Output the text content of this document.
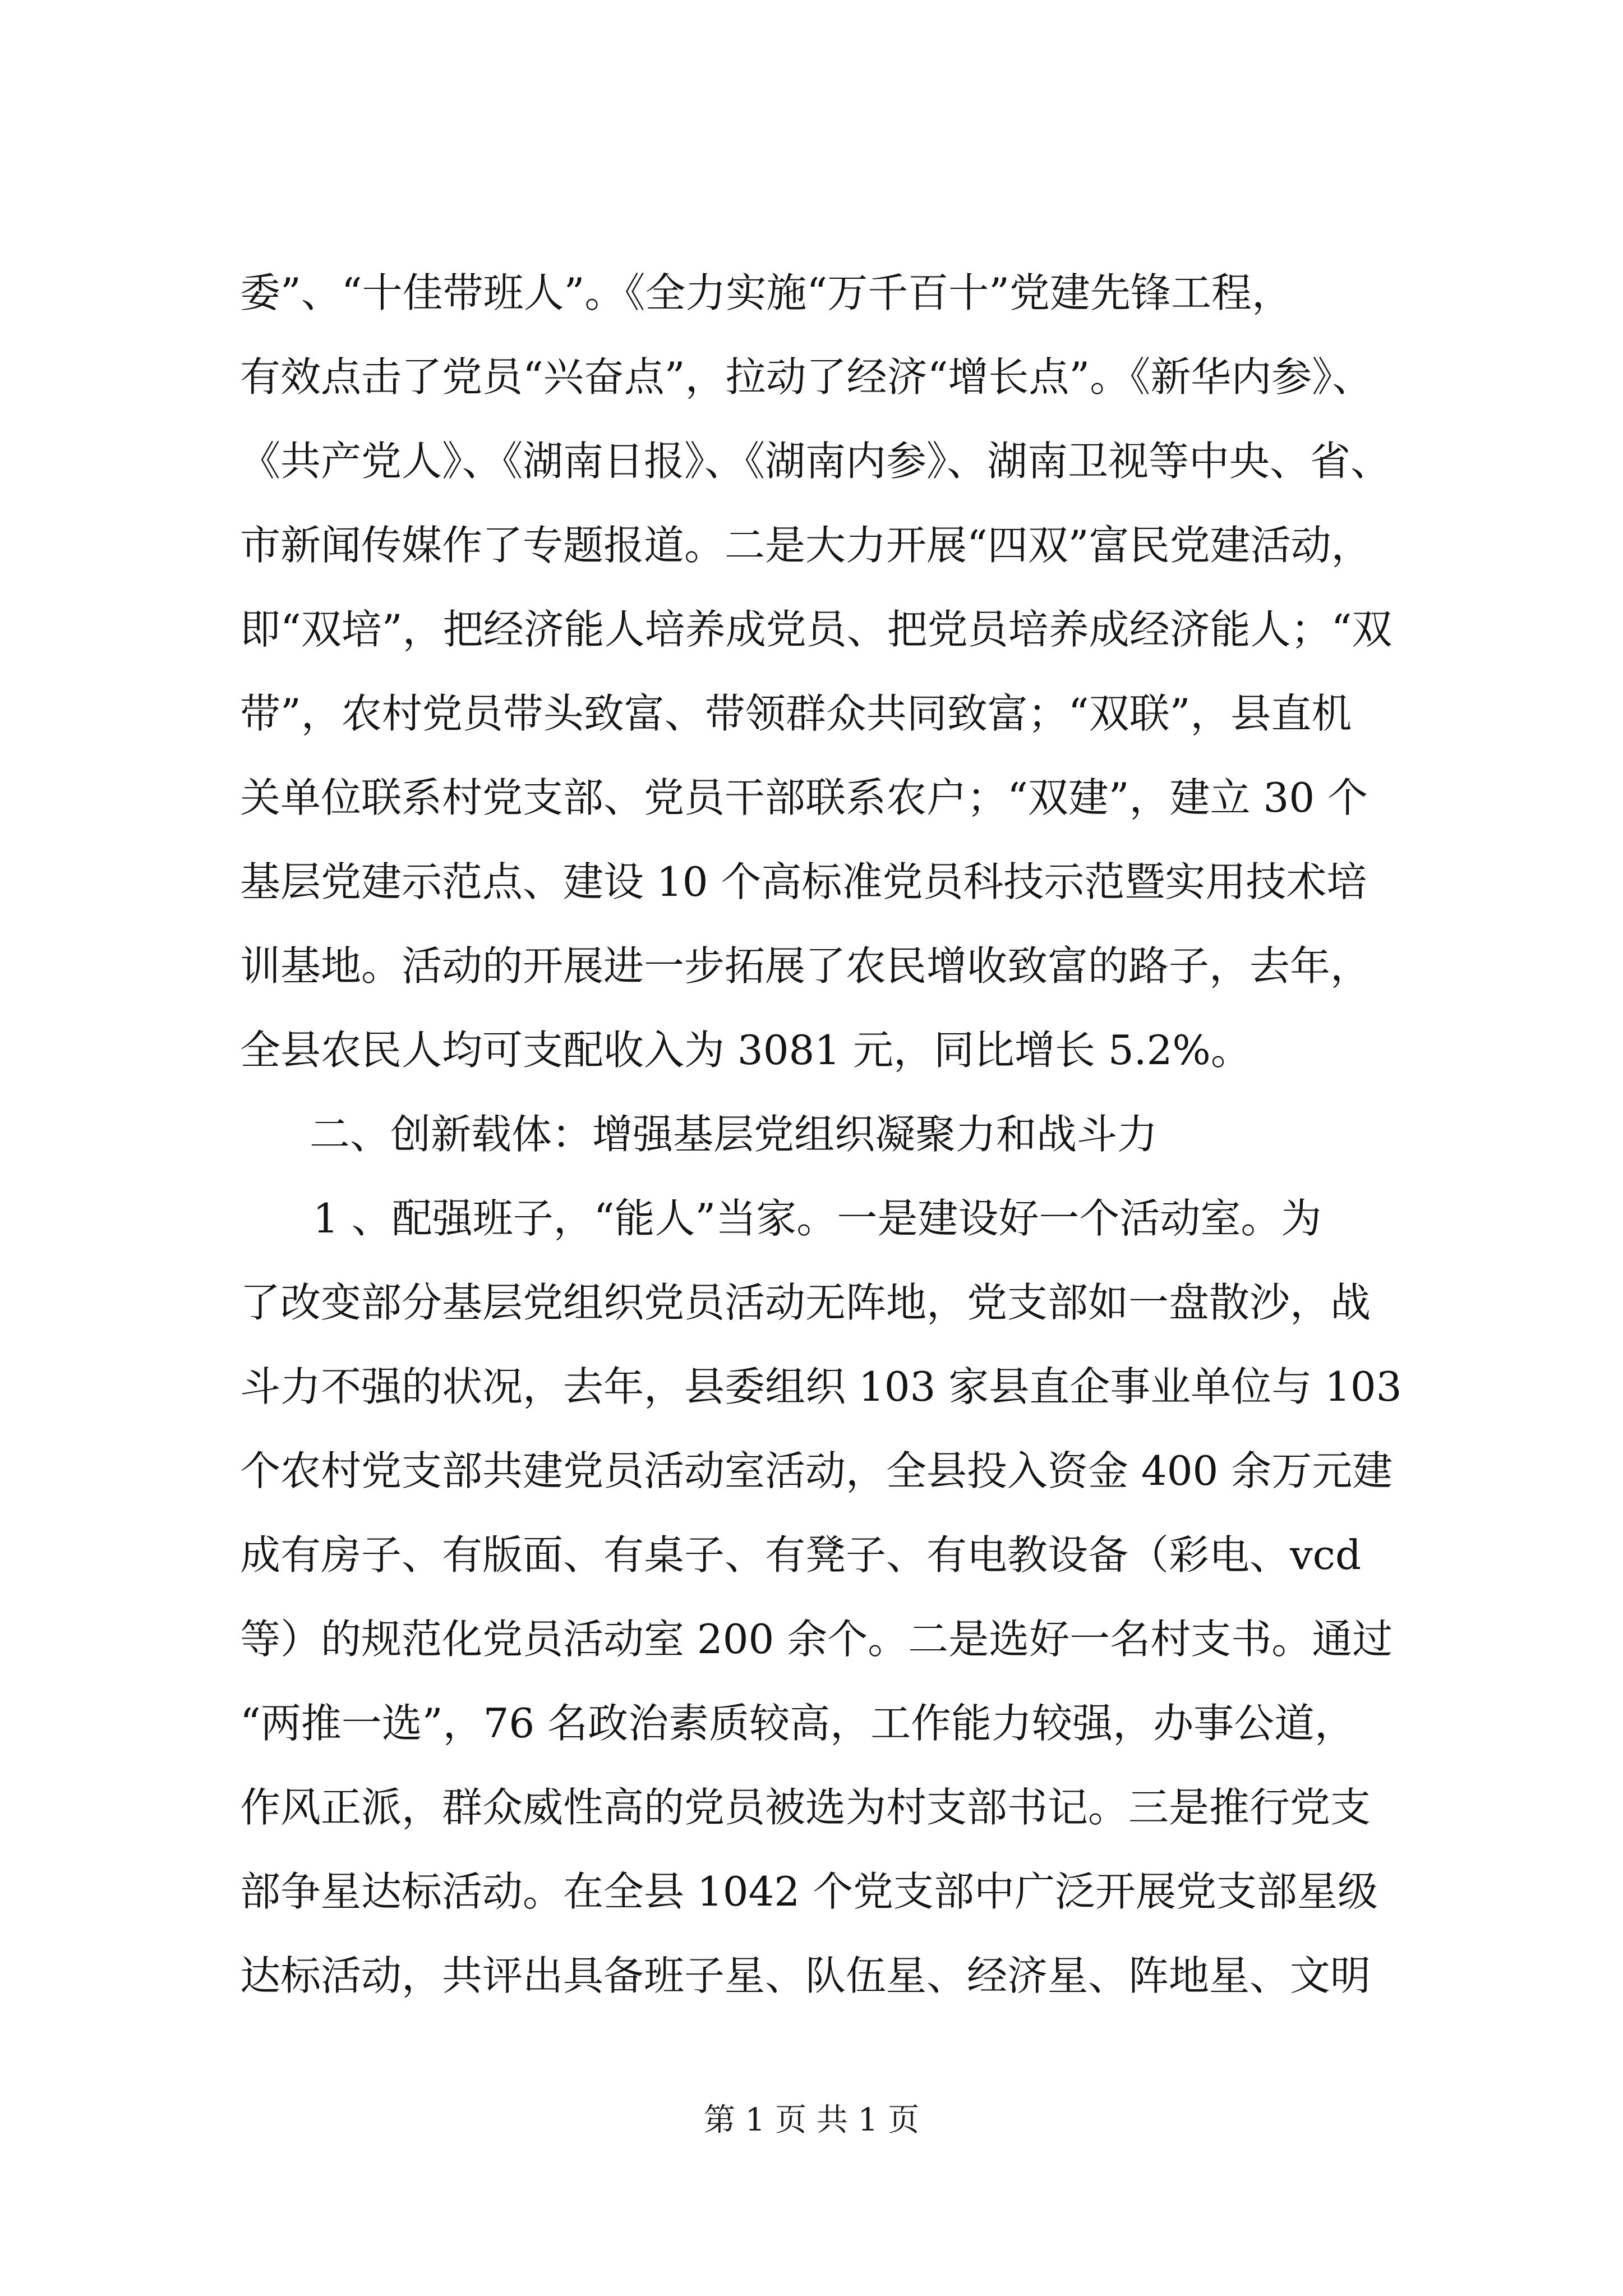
委”、“十佳带班人”。《全力实施“万千百十”党建先锋工程，
有效点击了党员“兴奋点”，拉动了经济“增长点”。《新华内参》、
《共产党人》、《湖南日报》、《湖南内参》、湖南卫视等中央、省、
市新闻传媒作了专题报道。二是大力开展“四双”富民党建活动，
即“双培”，把经济能人培养成党员、把党员培养成经济能人；“双
带”，农村党员带头致富、带领群众共同致富；“双联”，县直机
关单位联系村党支部、党员干部联系农户；“双建”，建立 30 个
基层党建示范点、建设 10 个高标准党员科技示范暨实用技术培
训基地。活动的开展进一步拓展了农民增收致富的路子，去年，
全县农民人均可支配收入为 3081 元，同比增长 5.2%。
二、创新载体：增强基层党组织凝聚力和战斗力
1 、配强班子，“能人”当家。一是建设好一个活动室。为
了改变部分基层党组织党员活动无阵地，党支部如一盘散沙，战
斗力不强的状况，去年，县委组织 103 家县直企事业单位与 103
个农村党支部共建党员活动室活动，全县投入资金 400 余万元建
成有房子、有版面、有桌子、有凳子、有电教设备（彩电、vcd
等）的规范化党员活动室 200 余个。二是选好一名村支书。通过
“两推一选”，76 名政治素质较高，工作能力较强，办事公道，
作风正派，群众威性高的党员被选为村支部书记。三是推行党支
部争星达标活动。在全县 1042 个党支部中广泛开展党支部星级
达标活动，共评出具备班子星、队伍星、经济星、阵地星、文明
第 1 页 共 1 页
